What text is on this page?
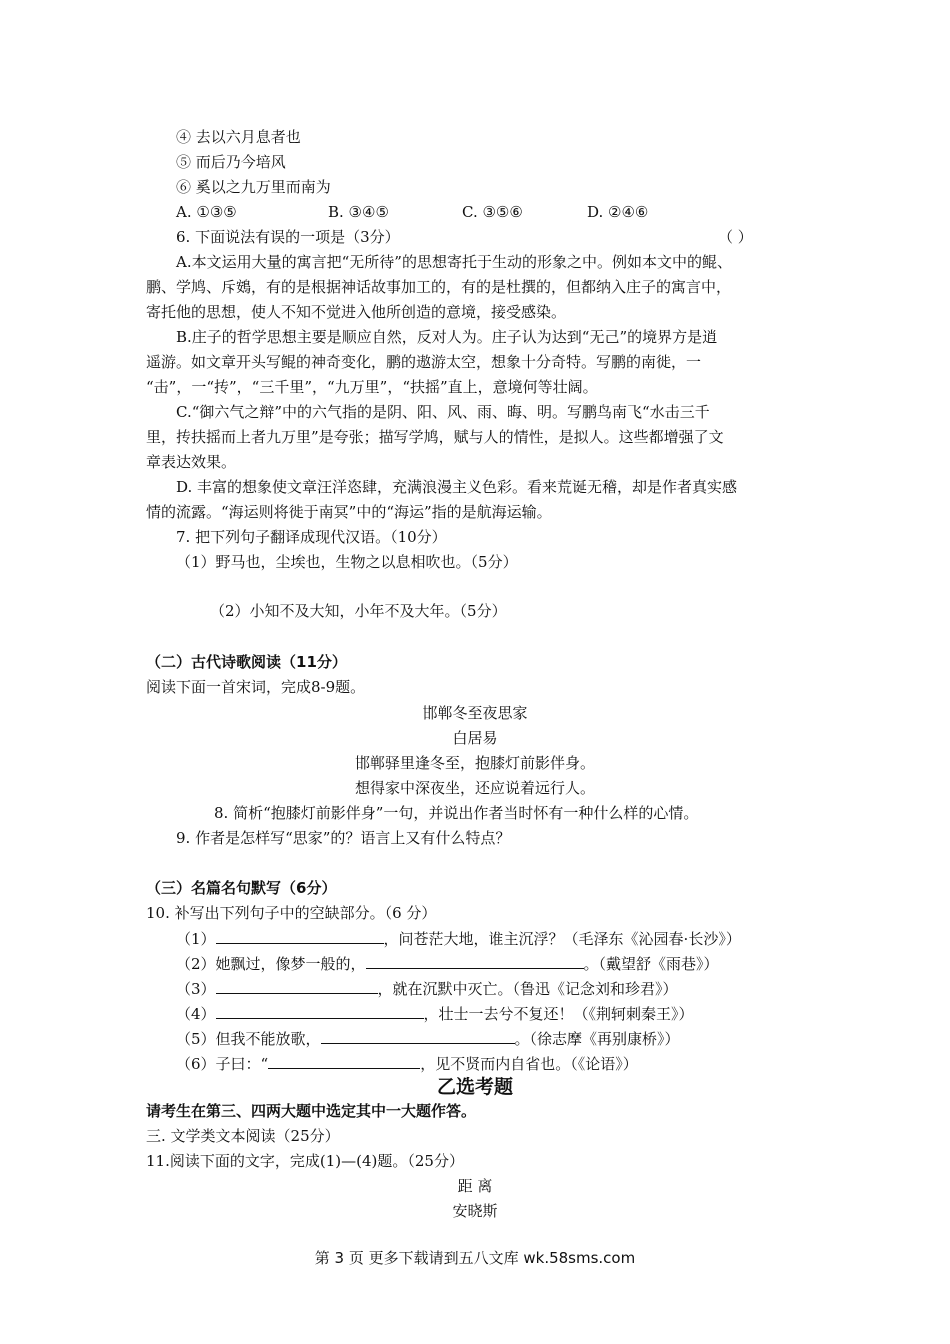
④ 去以六月息者也
⑤ 而后乃今培风
⑥ 奚以之九万里而南为
A. ①③⑤	B. ③④⑤	C. ③⑤⑥	D. ②④⑥
6. 下面说法有误的一项是（3分）	（ ）
A.本文运用大量的寓言把“无所待”的思想寄托于生动的形象之中。例如本文中的鲲、
鹏、学鸠、斥鴳，有的是根据神话故事加工的，有的是杜撰的，但都纳入庄子的寓言中，
寄托他的思想，使人不知不觉进入他所创造的意境，接受感染。
B.庄子的哲学思想主要是顺应自然，反对人为。庄子认为达到“无己”的境界方是逍
遥游。如文章开头写鲲的神奇变化，鹏的遨游太空，想象十分奇特。写鹏的南徙，一
“击”，一“抟”，“三千里”，“九万里”，“扶摇”直上，意境何等壮阔。
C.“御六气之辩”中的六气指的是阴、阳、风、雨、晦、明。写鹏鸟南飞“水击三千
里，抟扶摇而上者九万里”是夸张；描写学鸠，赋与人的情性，是拟人。这些都增强了文
章表达效果。
D. 丰富的想象使文章汪洋恣肆，充满浪漫主义色彩。看来荒诞无稽，却是作者真实感
情的流露。“海运则将徙于南冥”中的“海运”指的是航海运输。
7. 把下列句子翻译成现代汉语。（10分）
（1）野马也，尘埃也，生物之以息相吹也。（5分）
（2）小知不及大知，小年不及大年。（5分）
（二）古代诗歌阅读（11分）
阅读下面一首宋词，完成8-9题。
邯郸冬至夜思家
白居易
邯郸驿里逢冬至，抱膝灯前影伴身。
想得家中深夜坐，还应说着远行人。
8. 简析“抱膝灯前影伴身”一句，并说出作者当时怀有一种什么样的心情。
9. 作者是怎样写“思家”的？语言上又有什么特点？
（三）名篇名句默写（6分）
10. 补写出下列句子中的空缺部分。（6 分）
（1）	，问苍茫大地，谁主沉浮？（毛泽东《沁园春·长沙》）
（2）她飘过，像梦一般的，	。（戴望舒《雨巷》）
（3）	，就在沉默中灭亡。（鲁迅《记念刘和珍君》）
（4）	，壮士一去兮不复还！（《荆轲刺秦王》）
（5）但我不能放歌，	。（徐志摩《再别康桥》）
（6）子曰：“	，见不贤而内自省也。（《论语》）
乙选考题
请考生在第三、四两大题中选定其中一大题作答。
三. 文学类文本阅读（25分）
11.阅读下面的文字，完成(1)—(4)题。（25分）
距 离
安晓斯
第 3 页 更多下载请到五八文库 wk.58sms.com
